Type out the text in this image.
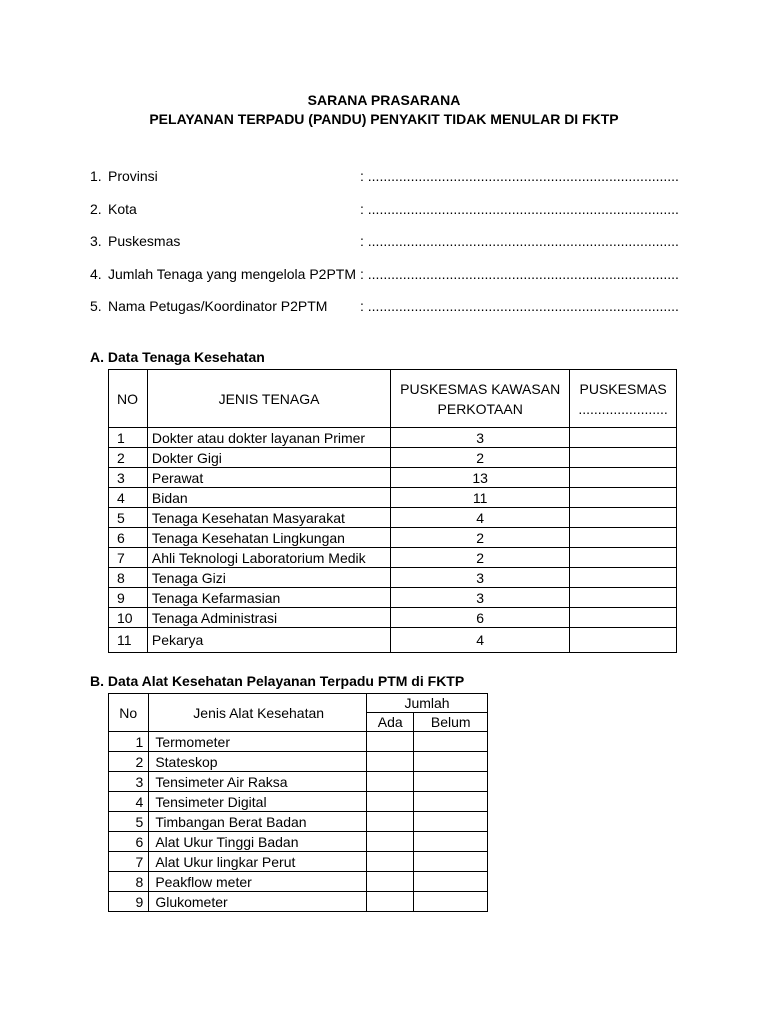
SARANA PRASARANA
PELAYANAN TERPADU (PANDU) PENYAKIT TIDAK MENULAR DI FKTP
1. Provinsi	: ................................................................................
2. Kota	: ................................................................................
3. Puskesmas	: ................................................................................
4. Jumlah Tenaga yang mengelola P2PTM : ................................................................................
5. Nama Petugas/Koordinator P2PTM : ................................................................................
A. Data Tenaga Kesehatan
NO	JENIS TENAGA	PUSKESMAS KAWASAN PERKOTAAN	PUSKESMAS
.......................

1	Dokter atau dokter layanan Primer	3	
2	Dokter Gigi	2	
3	Perawat	13	
4	Bidan	11	
5	Tenaga Kesehatan Masyarakat	4	
6	Tenaga Kesehatan Lingkungan	2	
7	Ahli Teknologi Laboratorium Medik	2	
8	Tenaga Gizi	3	
9	Tenaga Kefarmasian	3	
10	Tenaga Administrasi	6	
11	Pekarya	4	
B. Data Alat Kesehatan Pelayanan Terpadu PTM di FKTP
No	Jenis Alat Kesehatan	Jumlah	
		Ada	Belum
1	Termometer		
2	Stateskop		
3	Tensimeter Air Raksa		
4	Tensimeter Digital		
5	Timbangan Berat Badan		
6	Alat Ukur Tinggi Badan		
7	Alat Ukur lingkar Perut		
8	Peakflow meter		
9	Glukometer		
